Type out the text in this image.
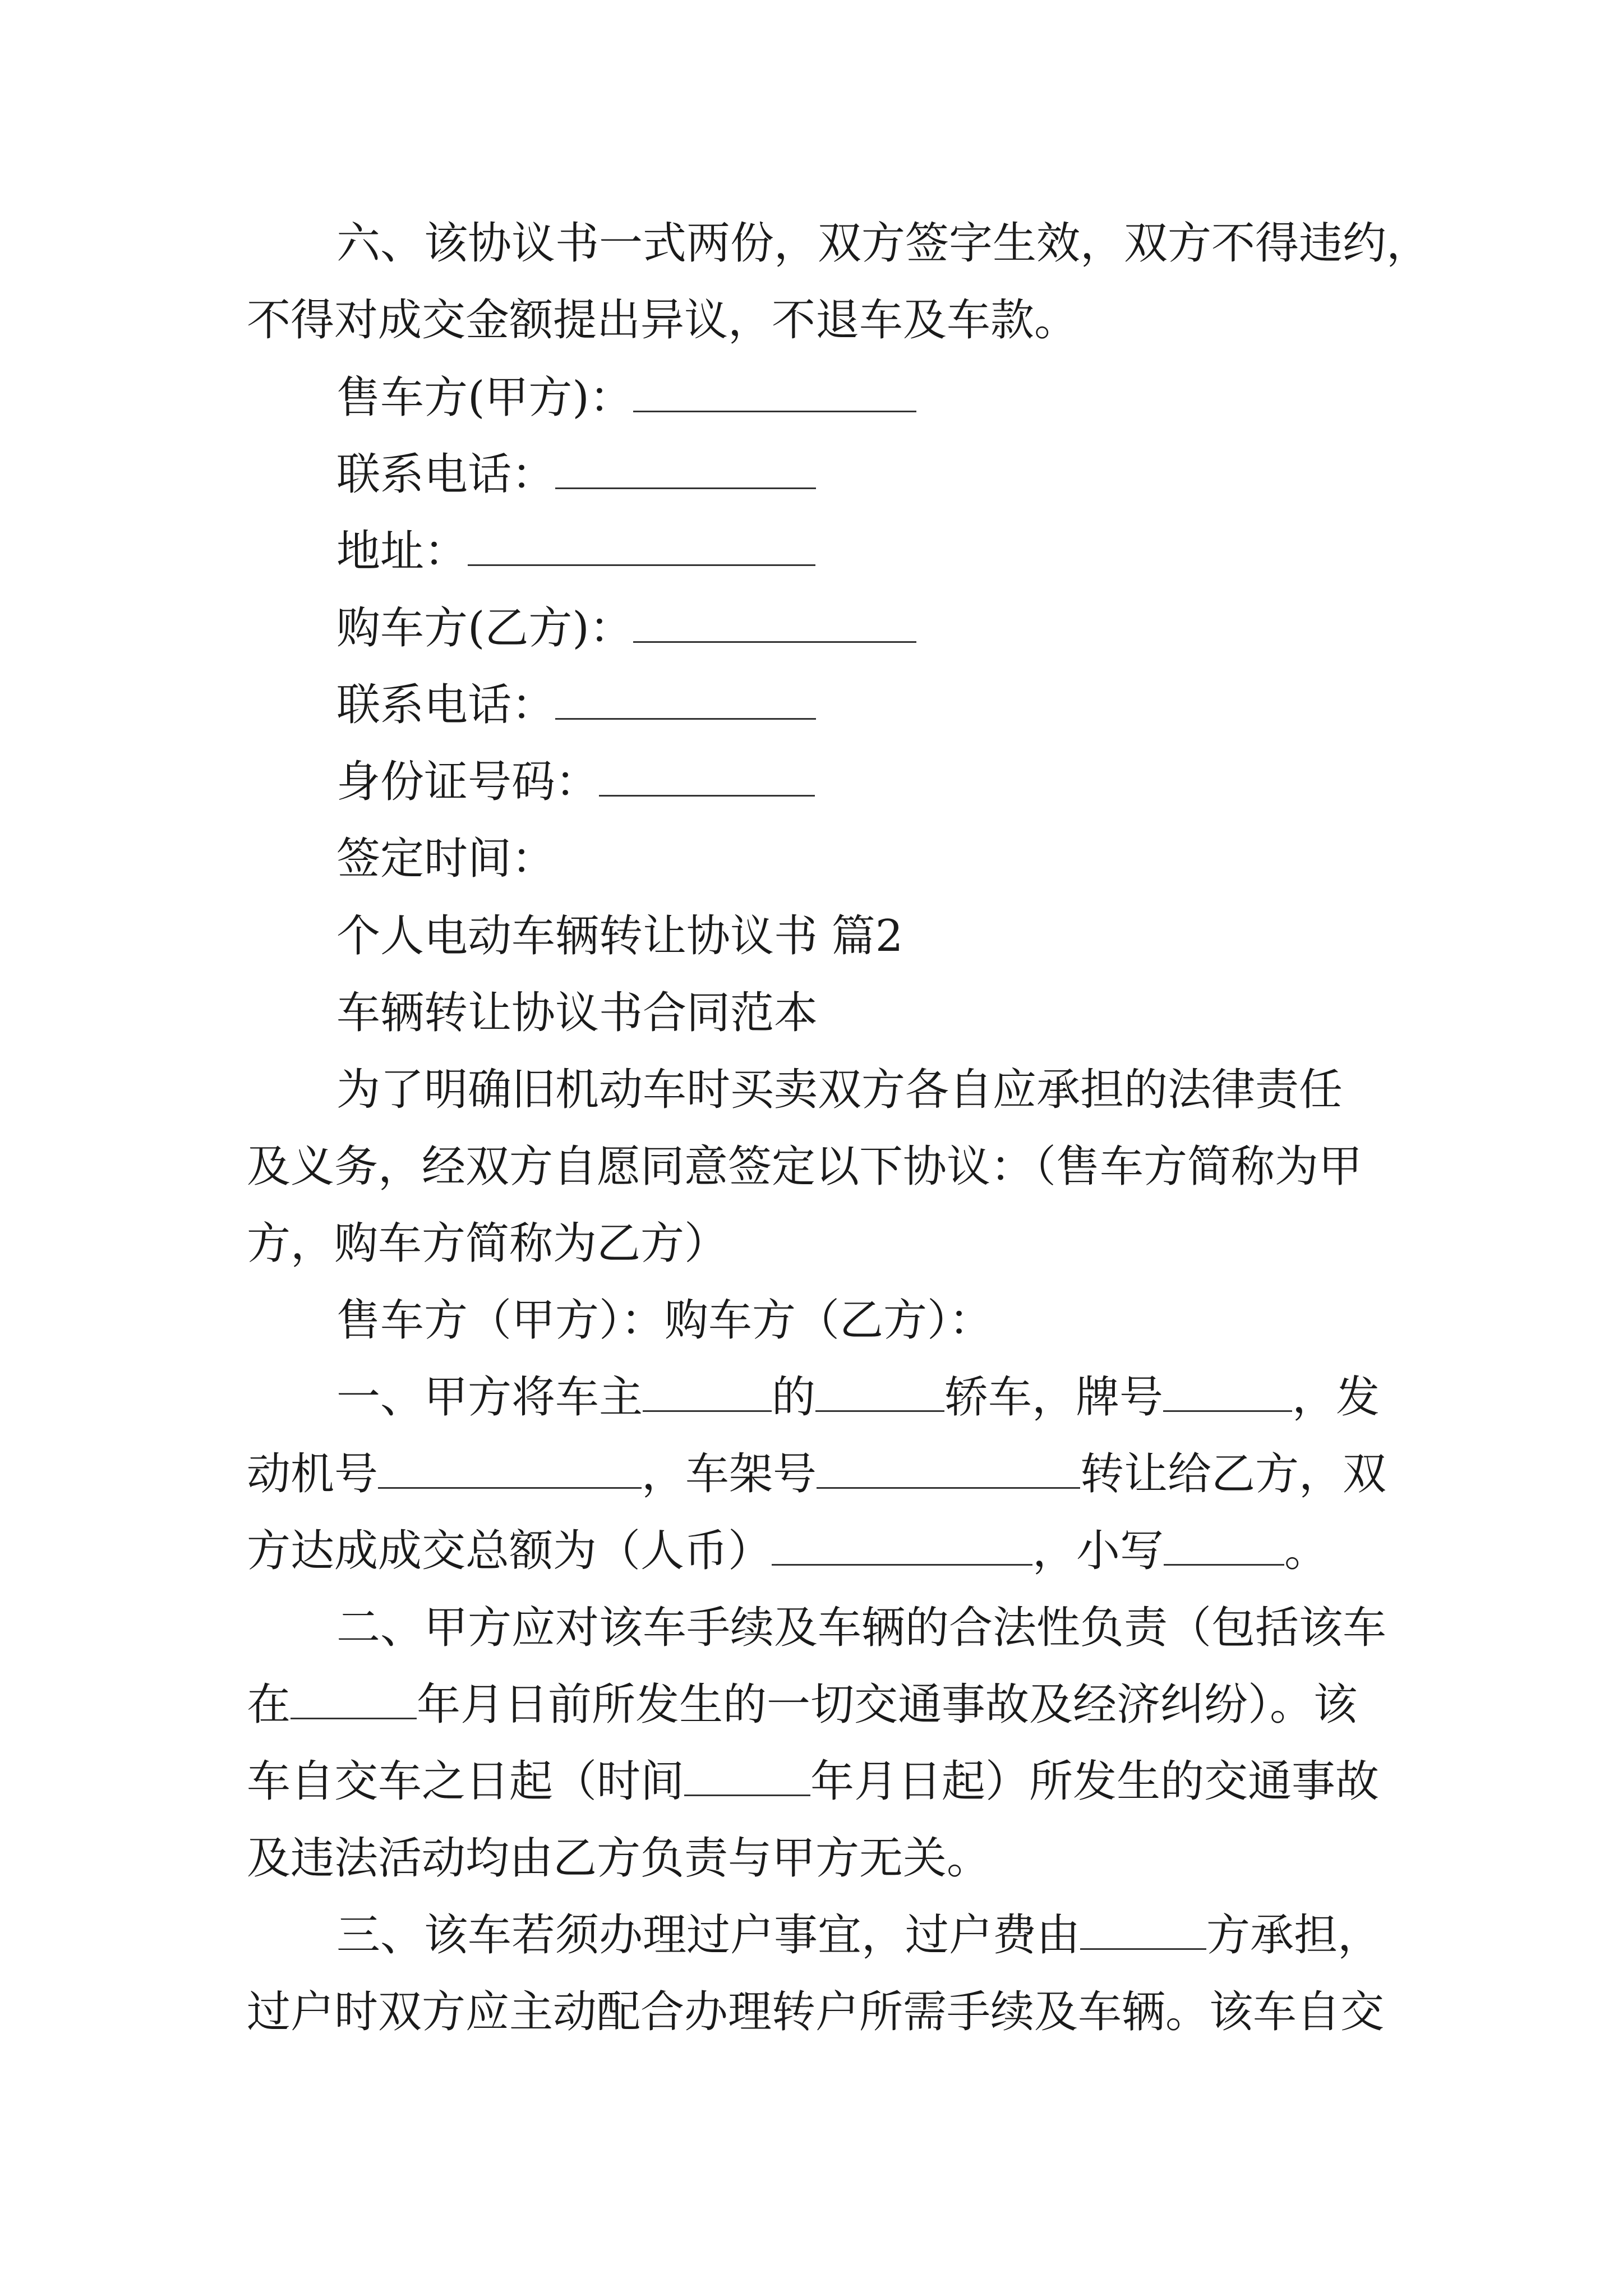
六、该协议书一式两份，双方签字生效，双方不得违约，
不得对成交金额提出异议，不退车及车款。
售车方(甲方)：
联系电话：
地址：
购车方(乙方)：
联系电话：
身份证号码：
签定时间：
个人电动车辆转让协议书 篇2
车辆转让协议书合同范本
为了明确旧机动车时买卖双方各自应承担的法律责任
及义务，经双方自愿同意签定以下协议：（售车方简称为甲
方，购车方简称为乙方）
售车方（甲方）：购车方（乙方）：
一、甲方将车主	的	轿车，牌号	，发
动机号	，车架号	转让给乙方，双
方达成成交总额为（人币）	，小写	。
二、甲方应对该车手续及车辆的合法性负责（包括该车
在	年月日前所发生的一切交通事故及经济纠纷）。该
车自交车之日起（时间	年月日起）所发生的交通事故
及违法活动均由乙方负责与甲方无关。
三、该车若须办理过户事宜，过户费由	方承担，
过户时双方应主动配合办理转户所需手续及车辆。该车自交
